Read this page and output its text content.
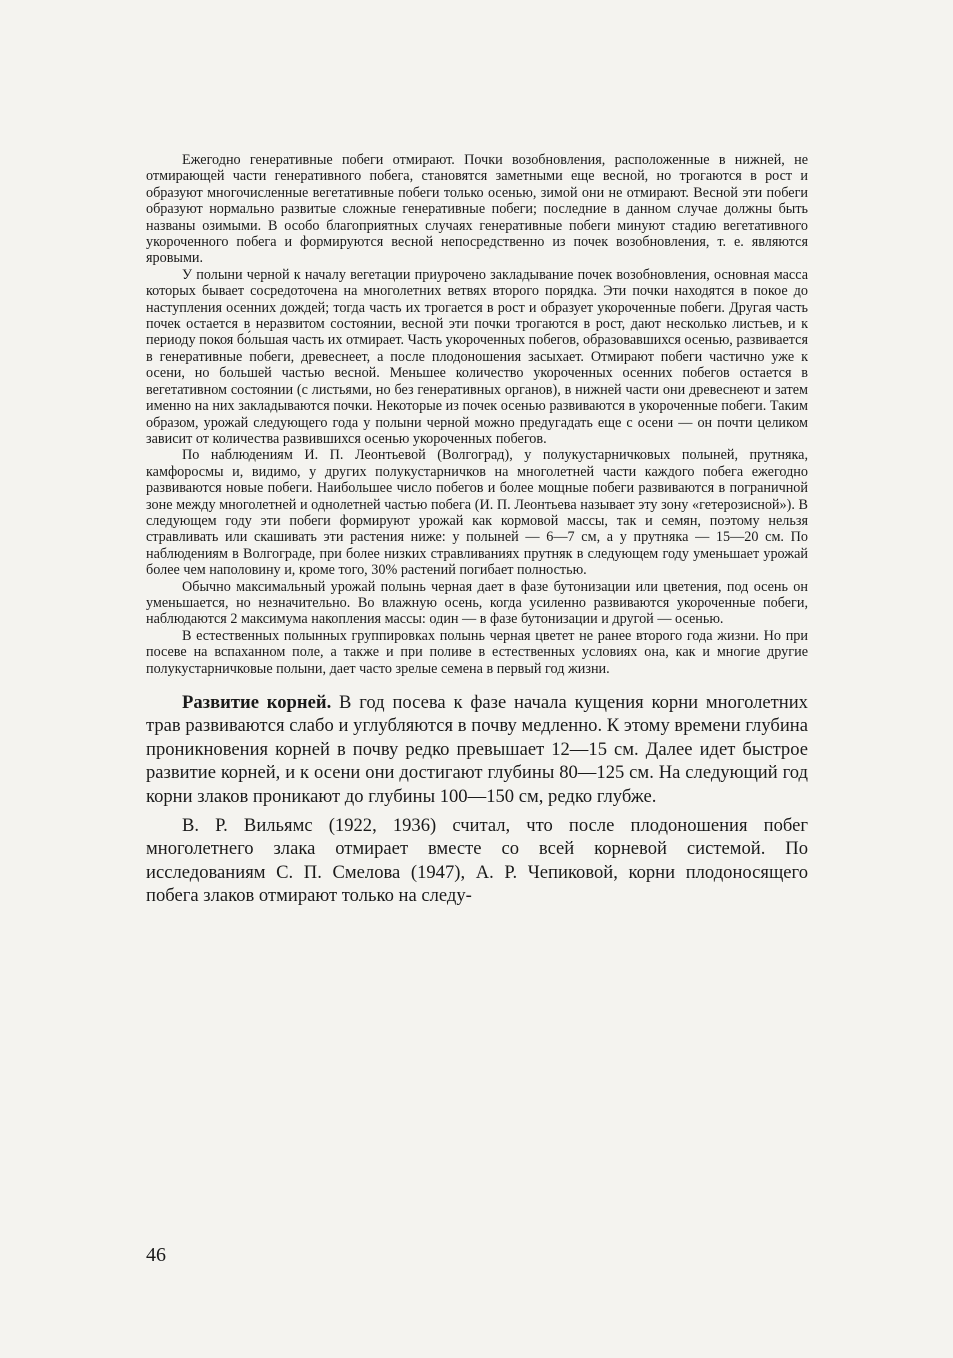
Ежегодно генеративные побеги отмирают. Почки возобновления, расположенные в нижней, не отмирающей части генеративного побега, становятся заметными еще весной, но трогаются в рост и образуют многочисленные вегетативные побеги только осенью, зимой они не отмирают. Весной эти побеги образуют нормально развитые сложные генеративные побеги; последние в данном случае должны быть названы озимыми. В особо благоприятных случаях генеративные побеги минуют стадию вегетативного укороченного побега и формируются весной непосредственно из почек возобновления, т. е. являются яровыми.

У полыни черной к началу вегетации приурочено закладывание почек возобновления, основная масса которых бывает сосредоточена на многолетних ветвях второго порядка. Эти почки находятся в покое до наступления осенних дождей; тогда часть их трогается в рост и образует укороченные побеги. Другая часть почек остается в неразвитом состоянии, весной эти почки трогаются в рост, дают несколько листьев, и к периоду покоя бо́льшая часть их отмирает. Часть укороченных побегов, образовавшихся осенью, развивается в генеративные побеги, древеснеет, а после плодоношения засыхает. Отмирают побеги частично уже к осени, но большей частью весной. Меньшее количество укороченных осенних побегов остается в вегетативном состоянии (с листьями, но без генеративных органов), в нижней части они древеснеют и затем именно на них закладываются почки. Некоторые из почек осенью развиваются в укороченные побеги. Таким образом, урожай следующего года у полыни черной можно предугадать еще с осени — он почти целиком зависит от количества развившихся осенью укороченных побегов.

По наблюдениям И. П. Леонтьевой (Волгоград), у полукустарничковых полыней, прутняка, камфоросмы и, видимо, у других полукустарничков на многолетней части каждого побега ежегодно развиваются новые побеги. Наибольшее число побегов и более мощные побеги развиваются в пограничной зоне между многолетней и однолетней частью побега (И. П. Леонтьева называет эту зону «гетерозисной»). В следующем году эти побеги формируют урожай как кормовой массы, так и семян, поэтому нельзя стравливать или скашивать эти растения ниже: у полыней — 6—7 см, а у прутняка — 15—20 см. По наблюдениям в Волгограде, при более низких стравливаниях прутняк в следующем году уменьшает урожай более чем наполовину и, кроме того, 30% растений погибает полностью.

Обычно максимальный урожай полынь черная дает в фазе бутонизации или цветения, под осень он уменьшается, но незначительно. Во влажную осень, когда усиленно развиваются укороченные побеги, наблюдаются 2 максимума накопления массы: один — в фазе бутонизации и другой — осенью.

В естественных полынных группировках полынь черная цветет не ранее второго года жизни. Но при посеве на вспаханном поле, а также и при поливе в естественных условиях она, как и многие другие полукустарничковые полыни, дает часто зрелые семена в первый год жизни.

Развитие корней. В год посева к фазе начала кущения корни многолетних трав развиваются слабо и углубляются в почву медленно. К этому времени глубина проникновения корней в почву редко превышает 12—15 см. Далее идет быстрое развитие корней, и к осени они достигают глубины 80—125 см. На следующий год корни злаков проникают до глубины 100—150 см, редко глубже.

В. Р. Вильямс (1922, 1936) считал, что после плодоношения побег многолетнего злака отмирает вместе со всей корневой системой. По исследованиям С. П. Смелова (1947), А. Р. Чепиковой, корни плодоносящего побега злаков отмирают только на следу-

46
